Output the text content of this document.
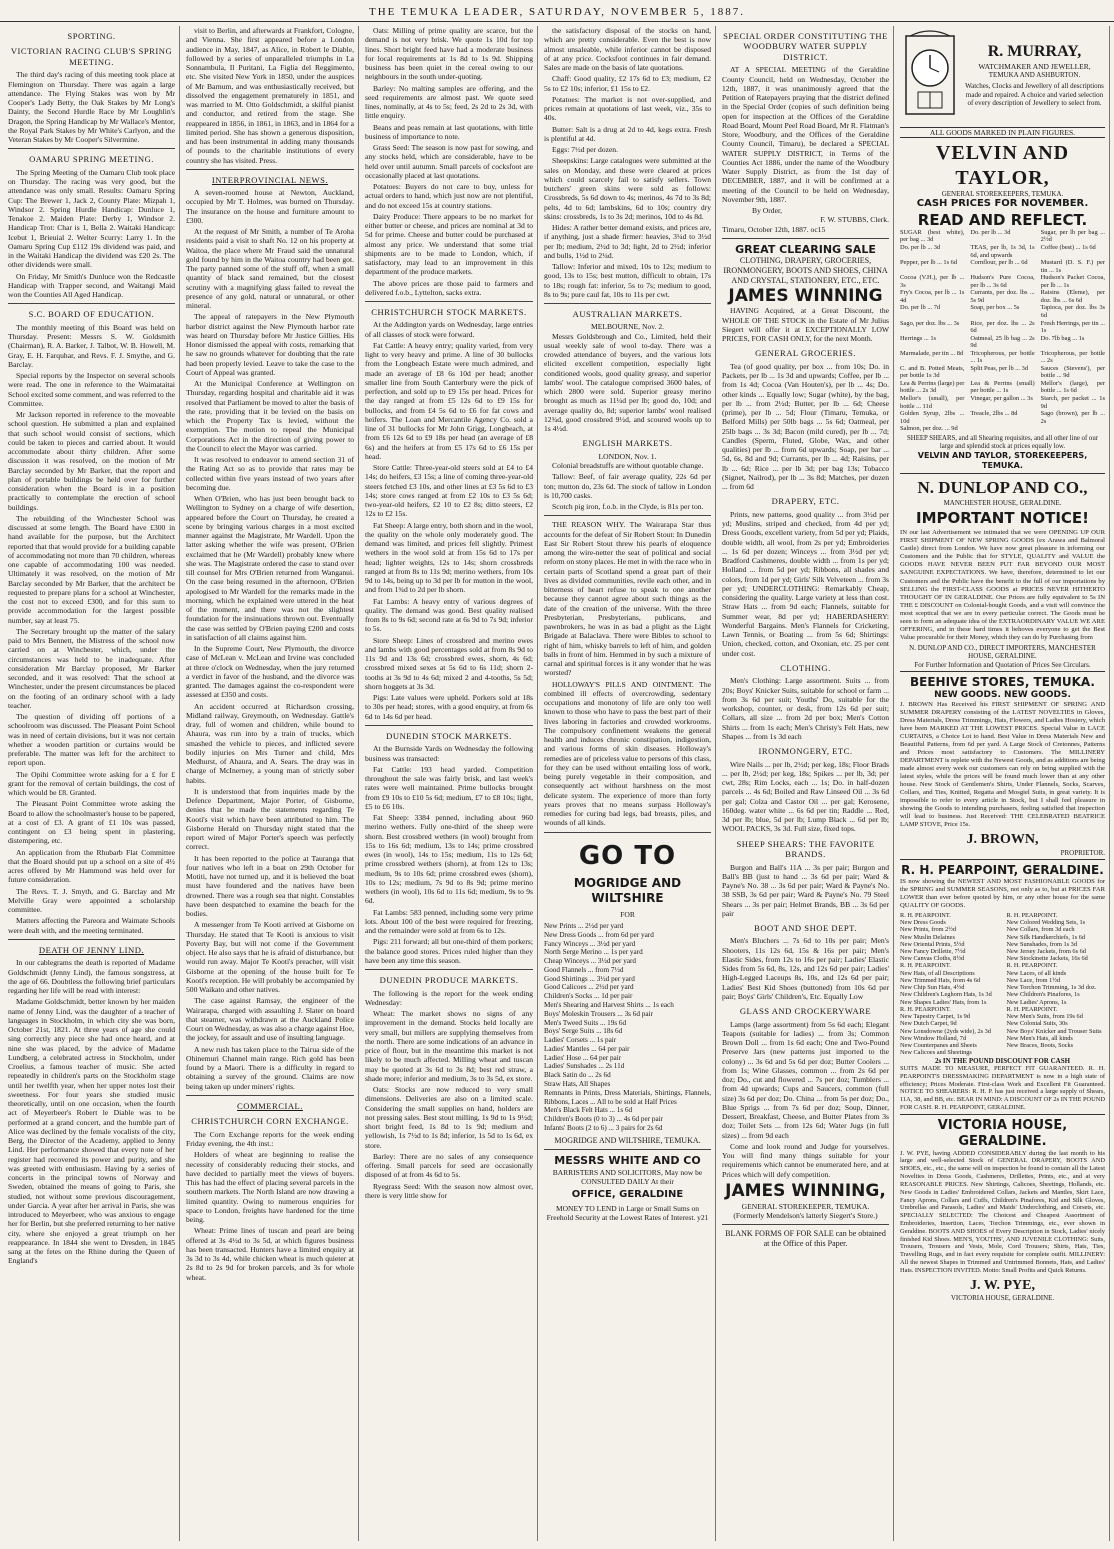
THE TEMUKA LEADER, SATURDAY, NOVEMBER 5, 1887.
SPORTING.
VICTORIAN RACING CLUB'S SPRING MEETING.

The third day's racing of this meeting took place at Flemington on Thursday. There was again a large attendance. The Flying Stakes was won by Mr Cooper's Lady Betty, the Oak Stakes by Mr Long's Dainty, the Second Hurdle Race by Mr Loughlin's Dragon, the Spring Handicap by Mr Wallace's Mentor, the Royal Park Stakes by Mr White's Carlyon, and the Veteran Stakes by Mr Cooper's Silvermine.

OAMARU SPRING MEETING.

The Spring Meeting of the Oamaru Club took place on Thursday. The racing was very good, but the attendance was only small. Results: Oamaru Spring Cup: The Brewer 1, Jack 2, County Plate: Mizpah 1, Windsor 2. Spring Hurdle Handicap: Dunluce 1, Tenakoe 2. Maiden Plate: Derby 1, Windsor 2. Handicap Trot: Char is 1, Bella 2. Waitaki Handicap: Icebut 1, Brieuial 2. Welter Scurry: Larry 1. In the Oamaru Spring Cup £112 19s dividend was paid, and in the Waitaki Handicap the dividend was £20 2s. The other dividends were small.

On Friday, Mr Smith's Dunluce won the Redcastle Handicap with Trapper second, and Waitangi Maid won the Counties All Aged Handicap.

S.C. BOARD OF EDUCATION.

The monthly meeting of this Board was held on Thursday. Present: Messrs S. W. Goldsmith (Chairman), R. A. Barker, J. Talbot, W. B. Howell, M. Gray, E. H. Farquhar, and Revs. F. J. Smythe, and G. Barclay.

Special reports by the Inspector on several schools were read. The one in reference to the Waimataitai School excited some comment, and was referred to the Committee.

Mr Jackson reported in reference to the moveable school question. He submitted a plan and explained that such school would consist of sections, which could be taken to pieces and carried about. It would accommodate about thirty children. After some discussion it was resolved, on the motion of Mr Barclay seconded by Mr Barker, that the report and plan of portable buildings be held over for further consideration when the Board is in a position practically to contemplate the erection of school buildings.

The rebuilding of the Winchester School was discussed at some length. The Board have £300 in hand available for the purpose, but the Architect reported that that would provide for a building capable of accommodating not more than 70 children, whereas one capable of accommodating 100 was needed. Ultimately it was resolved, on the motion of Mr Barclay seconded by Mr Barker, that the architect be requested to prepare plans for a school at Winchester, the cost not to exceed £300, and for this sum to provide accommodation for the largest possible number, say at least 75.

The Secretary brought up the matter of the salary paid to Mrs Bennett, the Mistress of the school now carried on at Winchester, which, under the circumstances was held to be inadequate. After consideration Mr Barclay proposed, Mr Barker seconded, and it was resolved: That the school at Winchester, under the present circumstances be placed on the footing of an ordinary school with a lady teacher.

The question of dividing off portions of a schoolroom was discussed. The Pleasant Point School was in need of certain divisions, but it was not certain whether a wooden partition or curtains would be preferable. The matter was left for the architect to report upon.

The Opihi Committee wrote asking for a £ for £ grant for the removal of certain buildings, the cost of which would be £8. Granted.

The Pleasant Point Committee wrote asking the Board to allow the schoolmaster's house to be papered, at a cost of £3. A grant of £1 10s was passed, contingent on £3 being spent in plastering, distempering, etc.

An application from the Rhubarb Flat Committee that the Board should put up a school on a site of 4½ acres offered by Mr Hammond was held over for future consideration.

The Revs. T. J. Smyth, and G. Barclay and Mr Melville Gray were appointed a scholarship committee.

Matters affecting the Pareora and Waimate Schools were dealt with, and the meeting terminated.

DEATH OF JENNY LIND.

In our cablegrams the death is reported of Madame Goldschmidt (Jenny Lind), the famous songstress, at the age of 66. Doubtless the following brief particulars regarding her life will be read with interest:

Madame Goldschmidt, better known by her maiden name of Jenny Lind, was the daughter of a teacher of languages in Stockholm, in which city she was born, October 21st, 1821. At three years of age she could sing correctly any piece she had once heard, and at nine she was placed, by the advice of Madame Lundberg, a celebrated actress in Stockholm, under Croelius, a famous teacher of music. She acted repeatedly in children's parts on the Stockholm stage until her twelfth year, when her upper notes lost their sweetness. For four years she studied music theoretically, until on one occasion, when the fourth act of Meyerbeer's Robert le Diable was to be performed at a grand concert, and the humble part of Alice was declined by the female vocalists of the city, Berg, the Director of the Academy, applied to Jenny Lind. Her performance showed that every note of her register had recovered its power and purity, and she was greeted with enthusiasm. Having by a series of concerts in the principal towns of Norway and Sweden, obtained the means of going to Paris, she studied, not without some previous discouragement, under Garcia. A year after her arrival in Paris, she was introduced to Meyerbeer, who was anxious to engage her for Berlin, but she preferred returning to her native city, where she enjoyed a great triumph on her reappearance. In 1844 she went to Dresden, in 1845 sang at the fetes on the Rhine during the Queen of England's

visit to Berlin, and afterwards at Frankfort, Cologne, and Vienna. She first appeared before a London audience in May, 1847, as Alice, in Robert le Diable, followed by a series of unparalleled triumphs in La Sonnambula, Il Puritani, La Figlia del Reggimento, etc. She visited New York in 1850, under the auspices of Mr Barnum, and was enthusiastically received, but dissolved the engagement prematurely in 1851, and was married to M. Otto Goldschmidt, a skilful pianist and conductor, and retired from the stage. She reappeared in 1856, in 1861, in 1863, and in 1864 for a limited period. She has shown a generous disposition, and has been instrumental in adding many thousands of pounds to the charitable institutions of every country she has visited. Press.

INTERPROVINCIAL NEWS.

A seven-roomed house at Newton, Auckland, occupied by Mr T. Holmes, was burned on Thursday. The insurance on the house and furniture amount to £300.

At the request of Mr Smith, a number of Te Aroha residents paid a visit to shaft No. 12 on his property at Waitoa, the place where Mr Fraud said the unnatural gold found by him in the Waitoa country had been got. The party panned some of the stuff off, when a small quantity of black sand remained, but the closest scrutiny with a magnifying glass failed to reveal the presence of any gold, natural or unnatural, or other mineral.

The appeal of ratepayers in the New Plymouth harbor district against the New Plymouth harbor rate was heard on Thursday before Mr Justice Gillies. His Honor dismissed the appeal with costs, remarking that he saw no grounds whatever for doubting that the rate had been properly levied. Leave to take the case to the Court of Appeal was granted.

At the Municipal Conference at Wellington on Thursday, regarding hospital and charitable aid it was resolved that Parliament be moved to alter the basis of the rate, providing that it be levied on the basis on which the Property Tax is levied, without the exemption. The motion to repeal the Municipal Corporations Act in the direction of giving power to the Council to elect the Mayor was carried.

It was resolved to endeavor to amend section 31 of the Rating Act so as to provide that rates may be collected within five years instead of two years after becoming due.

When O'Brien, who has just been brought back to Wellington to Sydney on a charge of wife desertion, appeared before the Court on Thursday, he created a scene by bringing various charges in a most excited manner against the Magistrate, Mr Wardell. Upon the latter asking whether the wife was present, O'Brien exclaimed that he (Mr Wardell) probably knew where she was. The Magistrate ordered the case to stand over till counsel for Mrs O'Brien returned from Wanganui. On the case being resumed in the afternoon, O'Brien apologised to Mr Wardell for the remarks made in the morning, which he explained were uttered in the heat of the moment, and there was not the slightest foundation for the insinuations thrown out. Eventually the case was settled by O'Brien paying £200 and costs in satisfaction of all claims against him.

In the Supreme Court, New Plymouth, the divorce case of McLean v. McLean and Irvine was concluded at three o'clock on Wednesday, when the jury returned a verdict in favor of the husband, and the divorce was granted. The damages against the co-respondent were assessed at £350 and costs.

An accident occurred at Richardson crossing, Midland railway, Greymouth, on Wednesday. Gattle's dray, full of women and children, while bound to Ahaura, was run into by a train of trucks, which smashed the vehicle to pieces, and inflicted severe bodily injuries on Mrs Turner and child, Mrs Medhurst, of Ahaura, and A. Sears. The dray was in charge of McInerney, a young man of strictly sober habits.

It is understood that from inquiries made by the Defence Department, Major Porter, of Gisborne, denies that he made the statements regarding Te Kooti's visit which have been attributed to him. The Gisborne Herald on Thursday night stated that the report wired of Major Porter's speech was perfectly correct.

It has been reported to the police at Tauranga that four natives who left in a boat on 29th October for Motiti, have not turned up, and it is believed the boat must have foundered and the natives have been drowned. There was a rough sea that night. Constables have been despatched to examine the beach for the bodies.

A messenger from Te Kooti arrived at Gisborne on Thursday. He stated that Te Kooti is anxious to visit Poverty Bay, but will not come if the Government object. He also says that he is afraid of disturbance, but would run away. Major Te Kooti's preacher, will visit Gisborne at the opening of the house built for Te Kooti's reception. He will probably be accompanied by 500 Waikato and other natives.

The case against Ramsay, the engineer of the Wairarapa, charged with assaulting J. Slater on board that steamer, was withdrawn at the Auckland Police Court on Wednesday, as was also a charge against Hoe, the jockey, for assault and use of insulting language.

A new rush has taken place to the Tairua side of the Ohinemuri Channel main range. Rich gold has been found by a Maori. There is a difficulty in regard to obtaining a survey of the ground. Claims are now being taken up under miners' rights.

COMMERCIAL.
CHRISTCHURCH CORN EXCHANGE.

The Corn Exchange reports for the week ending Friday evening, the 4th inst.:

Holders of wheat are beginning to realise the necessity of considerably reducing their stocks, and have decided to partially meet the views of buyers. This has had the effect of placing several parcels in the southern markets. The North Island are now drawing a limited quantity. Owing to numerous enquiries for space to London, freights have hardened for the time being.

Wheat: Prime lines of tuscan and pearl are being offered at 3s 4½d to 3s 5d, at which figures business has been transacted. Hunters have a limited enquiry at 3s 3d to 3s 4d, while chicken wheat is much quieter at 2s 8d to 2s 9d for broken parcels, and 3s for whole wheat.

Oats: Milling of prime quality are scarce, but the demand is not very brisk. We quote 1s 10d for top lines. Short bright feed have had a moderate business for local requirements at 1s 8d to 1s 9d. Shipping business has been quiet in the cereal owing to our neighbours in the south under-quoting.

Barley: No malting samples are offering, and the seed requirements are almost past. We quote seed lines, nominally, at 4s to 5s; feed, 2s 2d to 2s 3d, with little enquiry.

Beans and peas remain at last quotations, with little business of importance to note.

Grass Seed: The season is now past for sowing, and any stocks held, which are considerable, have to be held over until autumn. Small parcels of cocksfoot are occasionally placed at last quotations.

Potatoes: Buyers do not care to buy, unless for actual orders to hand, which just now are not plentiful, and do not exceed 15s at country stations.

Dairy Produce: There appears to be no market for either butter or cheese, and prices are nominal at 3d to 5d for prime. Cheese and butter could be purchased at almost any price. We understand that some trial shipments are to be made to London, which, if satisfactory, may lead to an improvement in this department of the produce markets.

The above prices are those paid to farmers and delivered f.o.b., Lyttelton, sacks extra.

CHRISTCHURCH STOCK MARKETS.

At the Addington yards on Wednesday, large entries of all classes of stock were forward.

Fat Cattle: A heavy entry; quality varied, from very light to very heavy and prime. A line of 30 bullocks from the Longbeach Estate were much admired, and made an average of £8 6s 10d per head; another smaller line from South Canterbury were the pick of perfection, and sold up to £9 15s per head. Prices for the day ranged at from £5 12s 6d to £9 15s for bullocks, and from £4 5s 6d to £6 for fat cows and heifers. The Loan and Mercantile Agency Co. sold a line of 31 bullocks for Mr John Grigg, Longbeach, at from £6 12s 6d to £9 18s per head (an average of £8 6s) and the heifers at from £5 17s 6d to £6 15s per head.

Store Cattle: Three-year-old steers sold at £4 to £4 14s; do heifers, £3 15s; a line of coming three-year-old steers fetched £3 10s, and other lines at £3 5s 6d to £3 14s; store cows ranged at from £2 10s to £3 5s 6d; two-year-old heifers, £2 10 to £2 8s; ditto steers, £2 12s to £2 15s.

Fat Sheep: A large entry, both shorn and in the wool, the quality on the whole only moderately good. The demand was limited, and prices fell slightly. Primest wethers in the wool sold at from 15s 6d to 17s per head; lighter weights, 12s to 14s; shorn crossbreds ranged at from 8s to 11s 9d; merino wethers, from 10s 9d to 14s, being up to 3d per lb for mutton in the wool, and from 1¾d to 2d per lb shorn.

Fat Lambs: A heavy entry of various degrees of quality. The demand was good. Best quality realised from 8s to 9s 6d; second rate at 6s 9d to 7s 9d; inferior to 5s.

Store Sheep: Lines of crossbred and merino ewes and lambs with good percentages sold at from 8s 9d to 11s 9d and 13s 6d; crossbred ewes, shorn, 4s 6d; crossbred mixed sexes at 5s 6d to 6s 11d; shorn 2-tooths at 3s 9d to 4s 6d; mixed 2 and 4-tooths, 5s 5d; shorn hoggets at 3s 3d.

Pigs: Late values were upheld. Porkers sold at 18s to 30s per head; stores, with a good enquiry, at from 6s 6d to 14s 6d per head.

DUNEDIN STOCK MARKETS.

At the Burnside Yards on Wednesday the following business was transacted:

Fat Cattle: 193 head yarded. Competition throughout the sale was fairly brisk, and last week's rates were well maintained. Prime bullocks brought from £9 10s to £10 5s 6d; medium, £7 to £8 10s; light, £5 to £6 10s.

Fat Sheep: 3384 penned, including about 960 merino wethers. Fully one-third of the sheep were shorn. Best crossbred wethers (in wool) brought from 15s to 16s 6d; medium, 13s to 14s; prime crossbred ewes (in wool), 14s to 15s; medium, 11s to 12s 6d; prime crossbred wethers (shorn), at from 12s to 13s; medium, 9s to 10s 6d; prime crossbred ewes (shorn), 10s to 12s; medium, 7s 9d to 8s 9d; prime merino wethers (in wool), 10s 6d to 11s 6d; medium, 9s to 9s 6d.

Fat Lambs: 583 penned, including some very prime lots. About 100 of the best were required for freezing, and the remainder were sold at from 6s to 12s.

Pigs: 211 forward; all but one-third of them porkers; the balance good stores. Prices ruled higher than they have been any time this season.

DUNEDIN PRODUCE MARKETS.

The following is the report for the week ending Wednesday:

Wheat: The market shows no signs of any improvement in the demand. Stocks held locally are very small, but millers are supplying themselves from the north. There are some indications of an advance in price of flour, but in the meantime this market is not likely to be much affected. Milling wheat and tuscan may be quoted at 3s 6d to 3s 8d; best red straw, a shade more; inferior and medium, 3s to 3s 5d, ex store.

Oats: Stocks are now reduced to very small dimensions. Deliveries are also on a limited scale. Considering the small supplies on hand, holders are not pressing sales. Best stout milling, 1s 9d to 1s 9½d; short bright feed, 1s 8d to 1s 9d; medium and yellowish, 1s 7½d to 1s 8d; inferior, 1s 5d to 1s 6d, ex store.

Barley: There are no sales of any consequence offering. Small parcels for seed are occasionally disposed of at from 4s 6d to 5s.

Ryegrass Seed: With the season now almost over, there is very little show for

the satisfactory disposal of the stocks on hand, which are pretty considerable. Even the best is now almost unsaleable, while inferior cannot be disposed of at any price. Cocksfoot continues in fair demand. Sales are made on the basis of late quotations.

Chaff: Good quality, £2 17s 6d to £3; medium, £2 5s to £2 10s; inferior, £1 15s to £2.

Potatoes: The market is not over-supplied, and prices remain at quotations of last week, viz., 35s to 40s.

Butter: Salt is a drug at 2d to 4d, kegs extra. Fresh is plentiful at 4d.

Eggs: 7½d per dozen.

Sheepskins: Large catalogues were submitted at the sales on Monday, and these were cleared at prices which could scarcely fail to satisfy sellers. Town butchers' green skins were sold as follows: Crossbreds, 5s 6d down to 4s; merinos, 4s 7d to 3s 8d; pelts, 4d to 6d; lambskins, 6d to 10s; country dry skins: crossbreds, 1s to 3s 2d; merinos, 10d to 4s 8d.

Hides: A rather better demand exists, and prices are, if anything, just a shade firmer: heavies, 3¼d to 3½d per lb; medium, 2½d to 3d; light, 2d to 2½d; inferior and bulls, 1½d to 2¼d.

Tallow: Inferior and mixed, 10s to 12s; medium to good, 13s to 15s; best mutton, difficult to obtain, 17s to 18s; rough fat: inferior, 5s to 7s; medium to good, 8s to 9s; pure caul fat, 10s to 11s per cwt.

AUSTRALIAN MARKETS.
MELBOURNE, Nov. 2.

Messrs Goldsbrough and Co., Limited, held their usual weekly sale of wool to-day. There was a crowded attendance of buyers, and the various lots elicited excellent competition, especially light conditioned wools, good quality greasy, and superior lambs' wool. The catalogue comprised 3600 bales, of which 2800 were sold. Superior greasy merino brought as much as 11¼d per lb; good do, 10d; and average quality do, 8d; superior lambs' wool realised 12¾d, good crossbred 9½d, and scoured wools up to 1s 4½d.

ENGLISH MARKETS.
LONDON, Nov. 1.

Colonial breadstuffs are without quotable change.

Tallow: Beef, of fair average quality, 22s 6d per ton; mutton do, 23s 6d. The stock of tallow in London is 10,700 casks.

Scotch pig iron, f.o.b. in the Clyde, is 81s per ton.

THE REASON WHY. The Wairarapa Star thus accounts for the defeat of Sir Robert Stout: In Dunedin East Sir Robert Stout threw his pearls of eloquence among the wire-netter the seat of political and social reform on stony places. He met in with the race who in certain parts of Scotland spend a great part of their lives as divided communities, revile each other, and in bitterness of heart refuse to speak to one another because they cannot agree about such things as the date of the creation of the universe. With the three Presbyterian, Presbyterians, publicans, and pawnbrokers, he was in as bad a plight as the Light Brigade at Balaclava. There were Bibles to school to right of him, whisky barrels to left of him, and golden balls in front of him. Hemmed in by such a mixture of carnal and spiritual forces is it any wonder that he was worsted?

HOLLOWAY'S PILLS AND OINTMENT. The combined ill effects of overcrowding, sedentary occupations and monotony of life are only too well known to those who have to pass the best part of their lives laboring in factories and crowded workrooms. The compulsory confinement weakens the general health and induces chronic constipation, indigestion, and various forms of skin diseases. Holloway's remedies are of priceless value to persons of this class, for they can be used without entailing loss of work, being purely vegetable in their composition, and consequently act without harshness on the most delicate system. The experience of more than forty years proves that no means surpass Holloway's remedies for curing bad legs, bad breasts, piles, and wounds of all kinds.

GO TO
MOGRIDGE AND WILTSHIRE
FOR
New Prints ... 2½d per yard
New Dress Goods ... from 6d per yard
Fancy Winceys ... 3½d per yard
North Serge Merino ... 1s per yard
Cheap Winceys ... 3½d per yard
Good Flannels ... from 7½d
Good Shirtings ... 3½d per yard
Good Calicoes ... 2½d per yard
Children's Socks ... 1d per pair
Men's Shearing and Harvest Shirts ... 1s each
Boys' Moleskin Trousers ... 3s 6d pair
Men's Tweed Suits ... 19s 6d
Boys' Serge Suits ... 18s 6d
Ladies' Corsets ... 1s pair
Ladies' Mantles ... 64 per pair
Ladies' Hose ... 64 per pair
Ladies' Sunshades ... 2s 11d
Black Satin do ... 2s 6d
Straw Hats, All Shapes
Remnants in Prints, Dress Materials, Shirtings, Flannels, Ribbons, Laces ... All to be sold at Half Prices
Men's Black Felt Hats ... 1s 6d
Children's Boots (0 to 3) ... 4s 6d per pair
Infants' Boots (2 to 6) ... 3 pairs for 2s 6d
MOGRIDGE AND WILTSHIRE, TEMUKA.
MESSRS WHITE AND CO
BARRISTERS AND SOLICITORS, May now be CONSULTED DAILY At their
OFFICE, GERALDINE
MONEY TO LEND in Large or Small Sums on Freehold Security at the Lowest Rates of Interest. y21
SPECIAL ORDER CONSTITUTING THE WOODBURY WATER SUPPLY DISTRICT.

AT A SPECIAL MEETING of the Geraldine County Council, held on Wednesday, October the 12th, 1887, it was unanimously agreed that the Petition of Ratepayers praying that the district defined in the Special Order (copies of such definition being open for inspection at the Offices of the Geraldine Road Board, Mount Peel Road Board, Mr R. Flatman's Store, Woodbury, and the Offices of the Geraldine County Council, Timaru), be declared a SPECIAL WATER SUPPLY DISTRICT, in Terms of the Counties Act 1886, under the name of the Woodbury Water Supply District, as from the 1st day of DECEMBER, 1887, and it will be confirmed at a meeting of the Council to be held on Wednesday, November 9th, 1887.

By Order,
F. W. STUBBS, Clerk.
Timaru, October 12th, 1887. oc15
GREAT CLEARING SALE
CLOTHING, DRAPERY, GROCERIES, IRONMONGERY, BOOTS AND SHOES, CHINA AND CRYSTAL, STATIONERY, ETC., ETC.
JAMES WINNING

HAVING Acquired, at a Great Discount, the WHOLE OF THE STOCK in the Estate of Mr Julius Siegert will offer it at EXCEPTIONALLY LOW PRICES, FOR CASH ONLY, for the next Month.

GENERAL GROCERIES.

Tea (of good quality, per box ... from 10s; Do. in Packets, per lb ... 1s 3d and upwards; Coffee, per lb ... from 1s 4d; Cocoa (Van Houten's), per lb ... 4s; Do. other kinds ... Equally low; Sugar (white), by the bag, per lb ... from 2½d; Butter, per lb ... 6d; Cheese (prime), per lb ... 5d; Flour (Timaru, Temuka, or Belford Mills) per 50lb bags ... 5s 6d; Oatmeal, per 25lb bags ... 3s 3d; Bacon (mild cured), per lb ... 7d; Candles (Sperm, Fluted, Globe, Wax, and other qualities) per lb ... from 6d upwards; Soap, per bar ... 5d, 6s, 8d and 9d; Currants, per lb ... 4d; Raisins, per lb ... 6d; Rice ... per lb 3d; per bag 13s; Tobacco (Signet, Nailrod), per lb ... 3s 8d; Matches, per dozen ... from 6d

DRAPERY, ETC.

Prints, new patterns, good quality ... from 3½d per yd; Muslins, striped and checked, from 4d per yd; Dress Goods, excellent variety, from 5d per yd; Plaids, double width, all wool, from 2s per yd; Embroideries ... 1s 6d per dozen; Winceys ... from 3½d per yd; Bradford Cashmeres, double width ... from 1s per yd; Holland ... from 5d per yd; Ribbons, all shades and colors, from 1d per yd; Girls' Silk Velveteen ... from 3s per yd; UNDERCLOTHING: Remarkably Cheap, considering the quality. Large variety at less than cost. Straw Hats ... from 9d each; Flannels, suitable for Summer wear, 8d per yd; HABERDASHERY: Wonderful Bargains. Men's Flannels for Cricketing, Lawn Tennis, or Boating ... from 5s 6d; Shirtings: Union, checked, cotton, and Oxonian, etc. 25 per cent under cost.

CLOTHING.

Men's Clothing: Large assortment. Suits ... from 20s; Boys' Knicker Suits, suitable for school or farm ... from 3s 6d per suit; Youths' Do, suitable for the workshop, counter, or desk, from 12s 6d per suit; Collars, all size ... from 2d per box; Men's Cotton Shirts ... from 1s each; Men's Christy's Felt Hats, new Shapes ... from 1s 3d each

IRONMONGERY, ETC.

Wire Nails ... per lb, 2½d; per keg, 18s; Floor Brads ... per lb, 2½d; per keg, 18s; Spikes ... per lb, 3d; per cwt, 28s; Rim Locks, each ... 1s; Do. in half-dozen parcels ... 4s 6d; Boiled and Raw Linseed Oil ... 3s 6d per gal; Colza and Castor Oil ... per gal; Kerosene, 160deg. water white ... 6s 6d per tin; Raddle ... Red, 3d per lb; blue, 5d per lb; Lump Black ... 6d per lb; WOOL PACKS, 3s 3d. Full size, fixed tops.

SHEEP SHEARS: THE FAVORITE BRANDS.

Burgon and Ball's 11A ... 3s per pair; Burgon and Ball's BB (just to hand ... 3s 6d per pair; Ward & Payne's No. 38 ... 3s 6d per pair; Ward & Payne's No. 38 SSB, 3s 6d per pair; Ward & Payne's No. 79 Steel Shears ... 3s per pair; Helmet Brands, BB ... 3s 6d per pair

BOOT AND SHOE DEPT.

Men's Bluchers ... 7s 6d to 10s per pair; Men's Shooters, 11s 12s 6d, 15s & 16s per pair; Men's Elastic Sides, from 12s to 16s per pair; Ladies' Elastic Sides from 5s 6d, 8s, 12s, and 12s 6d per pair; Ladies' High-Legged Laceups 8s, 10s, and 12s 6d per pair; Ladies' Best Kid Shoes (buttoned) from 10s 6d per pair; Boys' Girls' Children's, Etc. Equally Low

GLASS AND CROCKERYWARE

Lamps (large assortment) from 5s 6d each; Elegant Teapots (suitable for ladies) ... from 3s; Common Brown Doll ... from 1s 6d each; One and Two-Pound Preserve Jars (new patterns just imported to the colony) ... 3s 6d and 5s 6d per doz; Butter Coolers ... from 1s; Wine Glasses, common ... from 2s 6d per doz; Do., cut and flowered ... 7s per doz; Tumblers ... from 4d upwards; Cups and Saucers, common (full size) 3s 6d per doz; Do. China ... from 5s per doz; Do., Blue Sprigs ... from 7s 6d per doz; Soup, Dinner, Dessert, Breakfast, Cheese, and Butter Plates from 3s doz; Toilet Sets ... from 12s 6d; Water Jugs (in full sizes) ... from 9d each

Come and look round and Judge for yourselves. You will find many things suitable for your requirements which cannot be enumerated here, and at Prices which will defy competition.

JAMES WINNING,
GENERAL STOREKEEPER, TEMUKA.
(Formerly Mendelson's latterly Siegert's Store.)
BLANK FORMS OF FOR SALE can be obtained at the Office of this Paper.
R. MURRAY,
WATCHMAKER AND JEWELLER,
TEMUKA AND ASHBURTON.
Watches, Clocks and Jewellery of all descriptions made and repaired. A choice and varied selection of every description of Jewellery to select from.
ALL GOODS MARKED IN PLAIN FIGURES.
VELVIN AND TAYLOR,
GENERAL STOREKEEPERS, TEMUKA.
CASH PRICES FOR NOVEMBER.
READ AND REFLECT.
SUGAR (best white), per bag ... 3d
Do. per lb ... 3d	Sugar, per lb per bag ... 2½d
Do. per lb ... 3d	TEAS, per lb, 1s 3d, 1s 6d, and upwards
Coffee (best) ... 1s 6d
Pepper, per lb ... 1s 6d	Cornflour, per lb ... 6d	Mustard (D. S. F.) per tin ... 1s
Cocoa (V.H.), per lb ... 3s
Hudson's Pure Cocoa, per lb ... 3s 6d
Hudson's Packet Cocoa, per lb ... 1s
Fry's Cocoa, per lb ... 1s 4d
Currants, per doz. lbs ... 5s 9d
Raisins (Eleme), per doz. lbs ... 6s 6d
Do. per lb ... 7d	Soap, per box ... 5s	Tapioca, per doz. lbs 3s 6d
Sago, per doz. lbs ... 3s	Rice, per doz. lbs ... 2s 6d
Fresh Herrings, per tin ... 1s
Herrings ... 1s	Oatmeal, 25 lb bag ... 2s 9d
Do. 7lb bag ... 1s
Marmalade, per tin ... 8d Tricopherous, per bottle ... 1s
Tricopherous, per bottle ... 2s
C. and B. Potted Meats, per bottle 1s 3d
Split Peas, per lb ... 3d	Sauces (Stevens'), per bottle ... 9d
Lea & Perrins (large) per bottle ... 2s 3d
Lea & Perrins (small) per bottle ... 1s
Mellor's (large), per bottle ... 1s 6d
Mellor's (small), per bottle ... 11d
Vinegar, per gallon ... 3s Starch, per packet ... 1s 9d
Golden Syrup, 2lbs ... 10d
Treacle, 2lbs ... 8d	Sago (brown), per lb ... 2s
Salmon, per doz. ... 9d
SHEEP SHEARS, and all Shearing requisites, and all other line of our large and splendid stock at prices equally low.
VELVIN AND TAYLOR, STOREKEEPERS, TEMUKA.
N. DUNLOP AND CO.,
MANCHESTER HOUSE, GERALDINE.
IMPORTANT NOTICE!

IN our last Advertisement we intimated that we were OPENING UP OUR FIRST SHIPMENT OF NEW SPRING GOODS (ex Arawa and Balmoral Castle) direct from London. We have now great pleasure in informing our Customers and the Public that for STYLE, QUALITY and VALUE the GOODS HAVE NEVER BEEN PUT FAR BEYOND OUR MOST SANGUINE EXPECTATIONS. We have, therefore, determined to let our Customers and the Public have the benefit to the full of our importations by SELLING the FIRST-CLASS GOODS at PRICES NEVER HITHERTO THOUGHT OF IN GERALDINE. Our Prices are fully equivalent to 5s IN THE £ DISCOUNT on Colonial-bought Goods, and a visit will convince the most sceptical that we are in every particular correct. The Goods must be seen to form an adequate idea of the EXTRAORDINARY VALUE WE ARE OFFERING, and in these hard times it behoves everyone to get the Best Value procurable for their Money, which they can do by Purchasing from

N. DUNLOP AND CO., DIRECT IMPORTERS, MANCHESTER HOUSE, GERALDINE.
For Further Information and Quotation of Prices See Circulars.
BEEHIVE STORES, TEMUKA.
NEW GOODS. NEW GOODS.

J. BROWN Has Received his FIRST SHIPMENT OF SPRING AND SUMMER DRAPERY consisting of the LATEST NOVELTIES in Gloves, Dress Materials, Dress Trimmings, Hats, Flowers, and Ladies Hosiery, which have been MARKED AT THE LOWEST PRICES. Special Value in LACE CURTAINS, a Choice Lot to hand. Best Value in Dress Materials New and Beautiful Patterns, from 6d per yard. A Large Stock of Cretonnes, Patterns and Prices most satisfactory to Customers. The MILLINERY DEPARTMENT is replete with the Newest Goods, and as additions are being made almost every week our customers can rely on being supplied with the latest styles, while the prices will be found much lower than at any other house. New Stock of Gentlemen's Shirts, Under Flannels, Socks, Scarves, Collars, and Ties, Knitted, Regatta and Mosgiel Suits, in great variety. It is impossible to refer to every article in Stock, but I shall feel pleasure in showing the Goods to intending purchasers, feeling satisfied that inspection will lead to business. Just Received: THE CELEBRATED BEATRICE LAMP STOVE, Price 15s.

J. BROWN,
PROPRIETOR.
R. H. PEARPOINT, GERALDINE.

IS now showing the NEWEST AND MOST FASHIONABLE GOODS for the SPRING and SUMMER SEASONS, not only as to, but at PRICES FAR LOWER than ever before quoted by him, or any other house for the same QUALITY OF GOODS.

R. H. PEARPOINT.
New Dress Goods
New Prints, from 2½d
New Muslin Delaines
New Oriental Prints, 5½d
New Fancy Drillette, 7½d
New Canvas Cloths, 8½d
R. H. PEARPOINT.
New Hats, of all Descriptions
New Trimmed Hats, from 4s 6d
New Chip Sun Hats, 4½d
New Children's Leghorn Hats, 1s 3d
New Shapes Ladies' Hats, from 1s
R. H. PEARPOINT.
New Tapestry Carpet, 1s 9d
New Dutch Carpet, 9d
New Lonsdowne (2yds wide), 2s 3d
New Window Holland, 7d
New Counterpanes and Sheets
New Calicoes and Sheetings
R. H. PEARPOINT.
New Colored Wedding Sets, 1s
New Collars, from 3d each
New Silk Handkerchiefs, 1s 6d
New Sunshades, from 1s 3d
New Jersey Jackets, from 6s 6d
New Stockinette Jackets, 16s 6d
R. H. PEARPOINT.
New Laces, of all kinds
New Lace, from 1½d
New Torchon Trimming, 1s 3d doz.
New Children's Pinafores, 1s
New Ladies' Aprons, 1s
R. H. PEARPOINT.
New Men's Suits, from 19s 6d
New Colonial Suits, 30s
New Boys' Knicker and Trouser Suits
New Men's Hats, all kinds
New Braces, Boots, Socks
2s IN THE POUND DISCOUNT FOR CASH

SUITS MADE TO MEASURE, PERFECT FIT GUARANTEED. R. H. PEARPOINT'S DRESSMAKING DEPARTMENT is now in a high state of efficiency; Prices Moderate. First-class Work and Excellent Fit Guaranteed. NOTICE TO SHEARERS: R. H. P. has just received a large supply of Shears, 11A, 38, and BB, etc. BEAR IN MIND: A DISCOUNT OF 2s IN THE POUND FOR CASH. R. H. PEARPOINT, GERALDINE.

VICTORIA HOUSE, GERALDINE.

J. W. PYE, having ADDED CONSIDERABLY during the last month to his large and well-selected Stock of GENERAL DRAPERY, BOOTS AND SHOES, etc., etc., the same will on inspection be found to contain all the Latest Novelties in Dress Goods, Cashmeres, Drillettes, Prints, etc., and at very REASONABLE PRICES. New Shirtings, Calicoes, Sheetings, Hollands, etc. New Goods in Ladies' Embroidered Collars, Jackets and Mantles, Skirt Lace, Fancy Aprons, Collars and Cuffs, Children's Pinafores, Kid and Silk Gloves, Umbrellas and Parasols, Ladies' and Maids' Underclothing, and Corsets, etc. SPECIALLY SELECTED: The Choicest and Cheapest Assortment of Embroideries, Insertion, Laces, Torchon Trimmings, etc., ever shown in Geraldine. BOOTS AND SHOES of Every Description in Stock, Ladies' nicely finished Kid Shoes. MEN'S, YOUTHS', AND JUVENILE CLOTHING: Suits, Trousers, Trousers and Vests, Mole, Cord Trousers; Shirts, Hats, Ties, Travelling Rugs, and in fact every requisite for complete outfit. MILLINERY: All the newest Shapes in Trimmed and Untrimmed Bonnets, Hats, and Ladies' Hats. INSPECTION INVITED. Motto: Small Profits and Quick Returns.

J. W. PYE,
VICTORIA HOUSE, GERALDINE.
